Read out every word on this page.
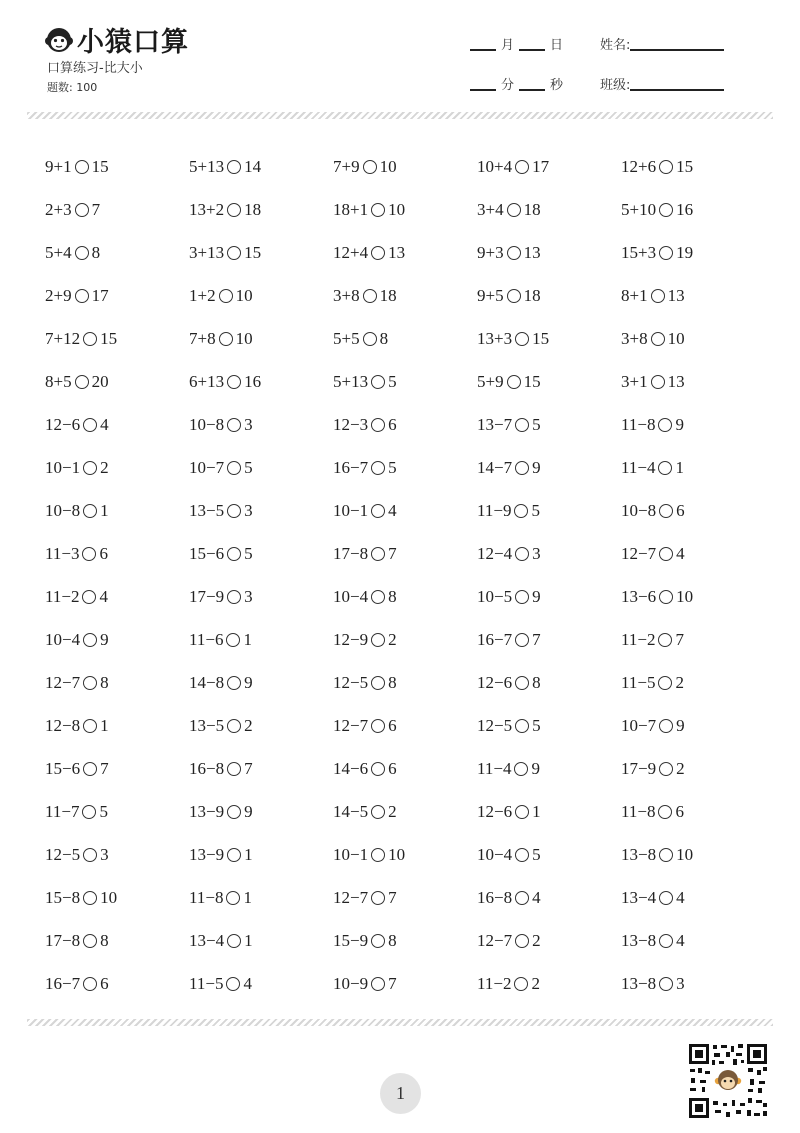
小猿口算
口算练习-比大小
题数: 100
月	日
分	秒
姓名:
班级:
9+1 15	5+13 14	7+9 10	10+4 17	12+6 15
2+3 7	13+2 18	18+1 10	3+4 18	5+10 16
5+4 8	3+13 15	12+4 13	9+3 13	15+3 19
2+9 17	1+2 10	3+8 18	9+5 18	8+1 13
7+12 15	7+8 10	5+5 8	13+3 15	3+8 10
8+5 20	6+13 16	5+13 5	5+9 15	3+1 13
12−6 4	10−8 3	12−3 6	13−7 5	11−8 9
10−1 2	10−7 5	16−7 5	14−7 9	11−4 1
10−8 1	13−5 3	10−1 4	11−9 5	10−8 6
11−3 6	15−6 5	17−8 7	12−4 3	12−7 4
11−2 4	17−9 3	10−4 8	10−5 9	13−6 10
10−4 9	11−6 1	12−9 2	16−7 7	11−2 7
12−7 8	14−8 9	12−5 8	12−6 8	11−5 2
12−8 1	13−5 2	12−7 6	12−5 5	10−7 9
15−6 7	16−8 7	14−6 6	11−4 9	17−9 2
11−7 5	13−9 9	14−5 2	12−6 1	11−8 6
12−5 3	13−9 1	10−1 10	10−4 5	13−8 10
15−8 10	11−8 1	12−7 7	16−8 4	13−4 4
17−8 8	13−4 1	15−9 8	12−7 2	13−8 4
16−7 6	11−5 4	10−9 7	11−2 2	13−8 3
1
